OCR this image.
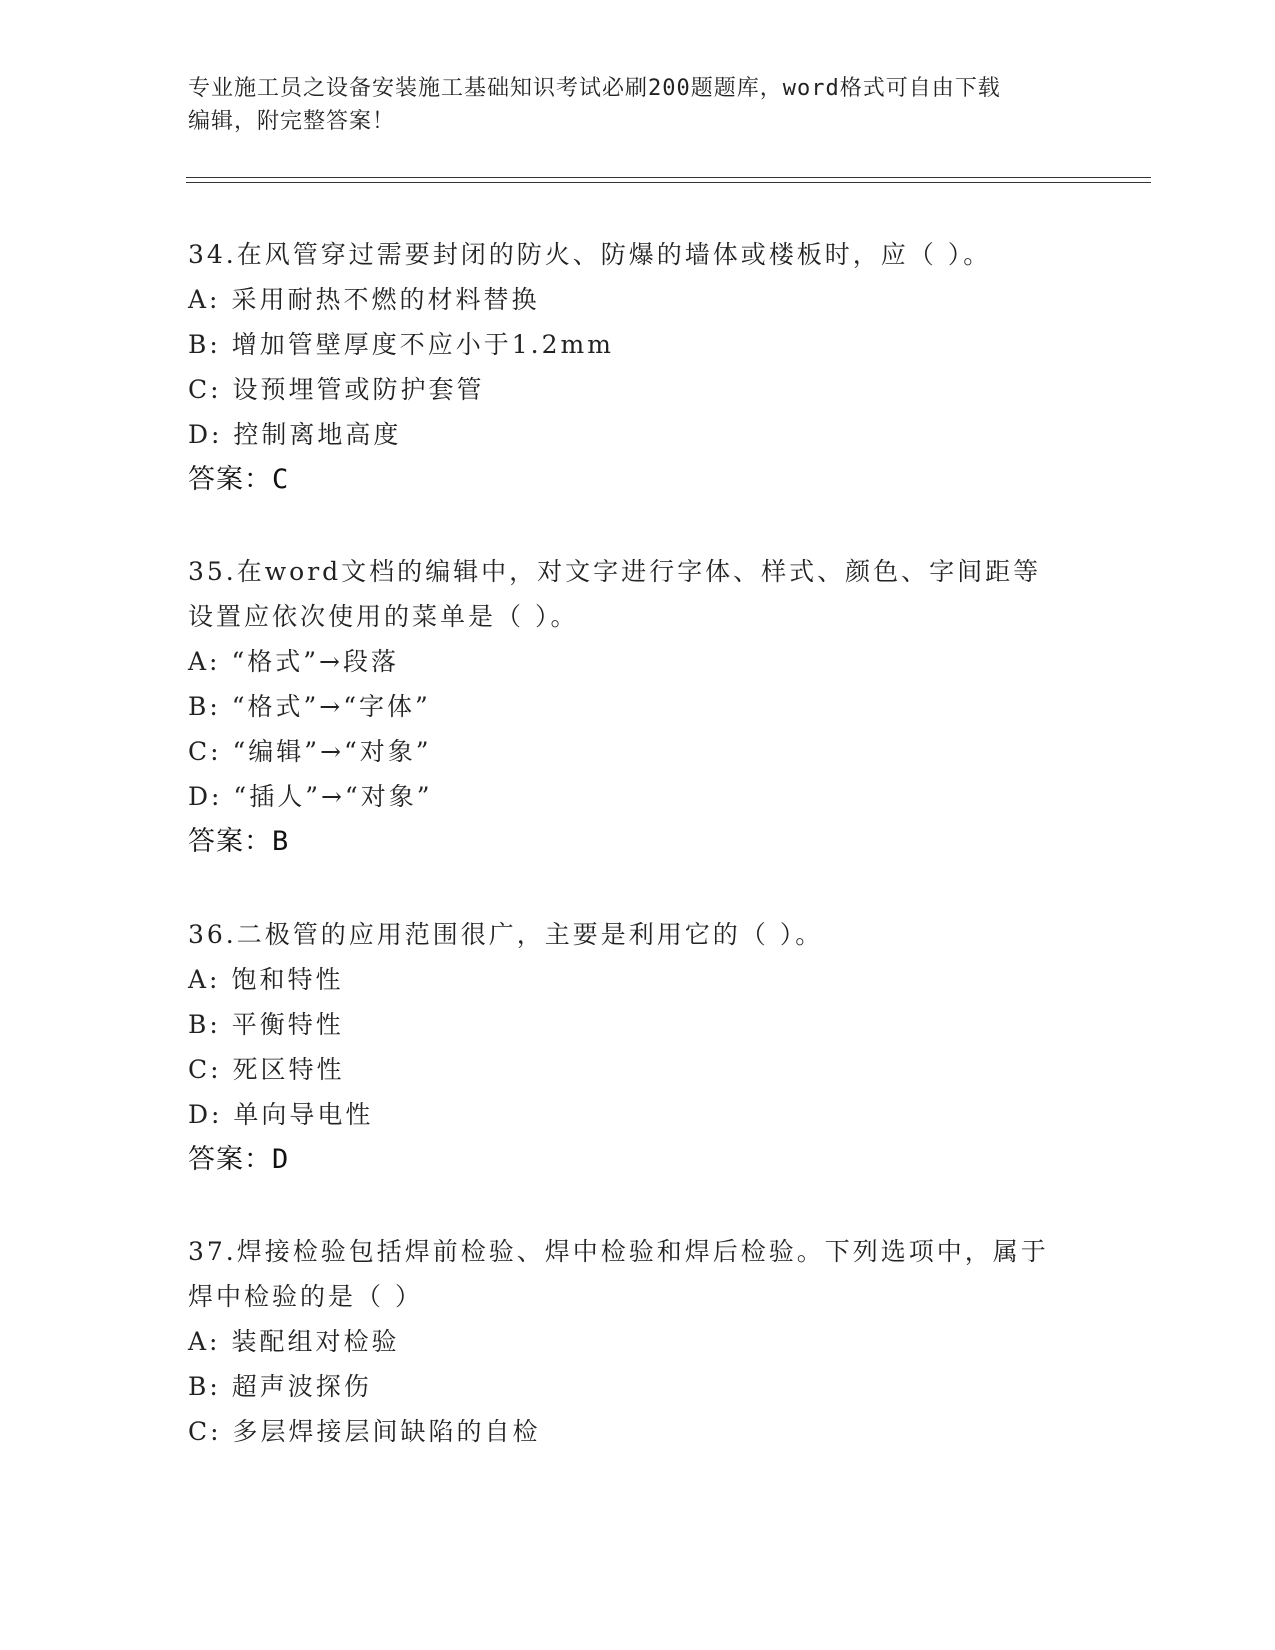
专业施工员之设备安装施工基础知识考试必刷200题题库，word格式可自由下载
编辑，附完整答案！
34.在风管穿过需要封闭的防火、防爆的墙体或楼板时，应（ ）。
A: 采用耐热不燃的材料替换
B: 增加管壁厚度不应小于1.2mm
C: 设预埋管或防护套管
D: 控制离地高度
答案：C
35.在word文档的编辑中，对文字进行字体、样式、颜色、字间距等
设置应依次使用的菜单是（ ）。
A: “格式”→段落
B: “格式”→“字体”
C: “编辑”→“对象”
D: “插人”→“对象”
答案：B
36.二极管的应用范围很广，主要是利用它的（ ）。
A: 饱和特性
B: 平衡特性
C: 死区特性
D: 单向导电性
答案：D
37.焊接检验包括焊前检验、焊中检验和焊后检验。下列选项中，属于
焊中检验的是（ ）
A: 装配组对检验
B: 超声波探伤
C: 多层焊接层间缺陷的自检
